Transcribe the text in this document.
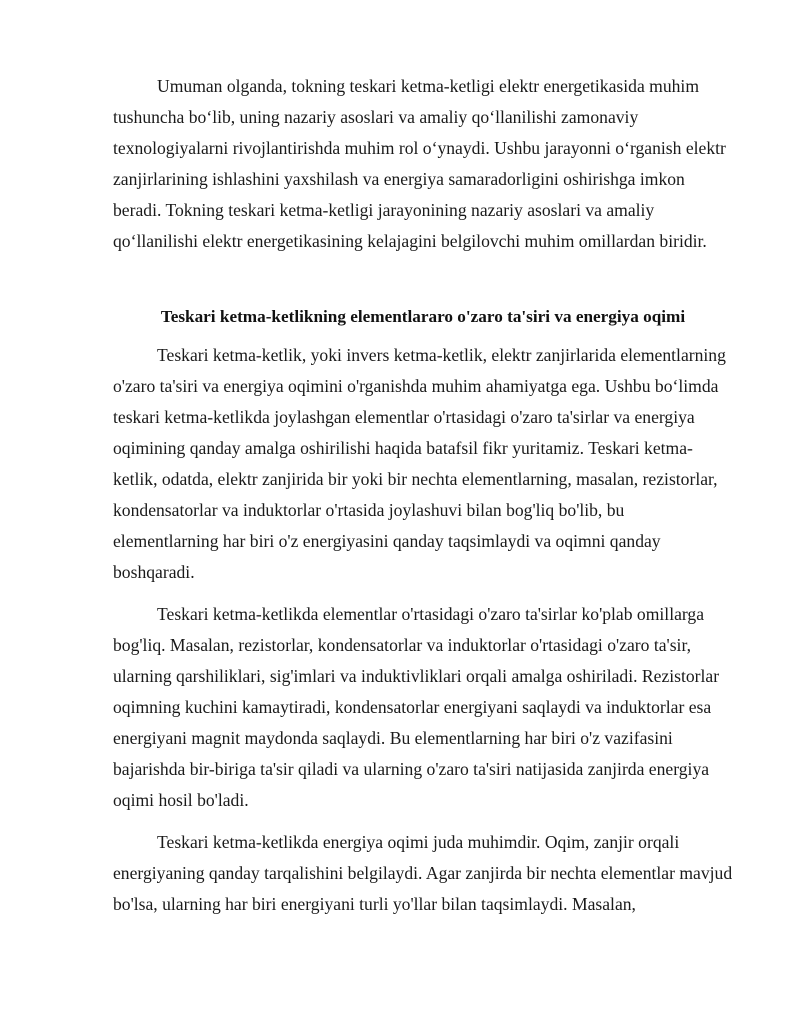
Umuman olganda, tokning teskari ketma-ketligi elektr energetikasida muhim tushuncha bo‘lib, uning nazariy asoslari va amaliy qo‘llanilishi zamonaviy texnologiyalarni rivojlantirishda muhim rol o‘ynaydi. Ushbu jarayonni o‘rganish elektr zanjirlarining ishlashini yaxshilash va energiya samaradorligini oshirishga imkon beradi. Tokning teskari ketma-ketligi jarayonining nazariy asoslari va amaliy qo‘llanilishi elektr energetikasining kelajagini belgilovchi muhim omillardan biridir.

Teskari ketma-ketlikning elementlararo o'zaro ta'siri va energiya oqimi

Teskari ketma-ketlik, yoki invers ketma-ketlik, elektr zanjirlarida elementlarning o'zaro ta'siri va energiya oqimini o'rganishda muhim ahamiyatga ega. Ushbu bo‘limda teskari ketma-ketlikda joylashgan elementlar o'rtasidagi o'zaro ta'sirlar va energiya oqimining qanday amalga oshirilishi haqida batafsil fikr yuritamiz. Teskari ketma-ketlik, odatda, elektr zanjirida bir yoki bir nechta elementlarning, masalan, rezistorlar, kondensatorlar va induktorlar o'rtasida joylashuvi bilan bog'liq bo'lib, bu elementlarning har biri o'z energiyasini qanday taqsimlaydi va oqimni qanday boshqaradi.

Teskari ketma-ketlikda elementlar o'rtasidagi o'zaro ta'sirlar ko'plab omillarga bog'liq. Masalan, rezistorlar, kondensatorlar va induktorlar o'rtasidagi o'zaro ta'sir, ularning qarshiliklari, sig'imlari va induktivliklari orqali amalga oshiriladi. Rezistorlar oqimning kuchini kamaytiradi, kondensatorlar energiyani saqlaydi va induktorlar esa energiyani magnit maydonda saqlaydi. Bu elementlarning har biri o'z vazifasini bajarishda bir-biriga ta'sir qiladi va ularning o'zaro ta'siri natijasida zanjirda energiya oqimi hosil bo'ladi.

Teskari ketma-ketlikda energiya oqimi juda muhimdir. Oqim, zanjir orqali energiyaning qanday tarqalishini belgilaydi. Agar zanjirda bir nechta elementlar mavjud bo'lsa, ularning har biri energiyani turli yo'llar bilan taqsimlaydi. Masalan,
